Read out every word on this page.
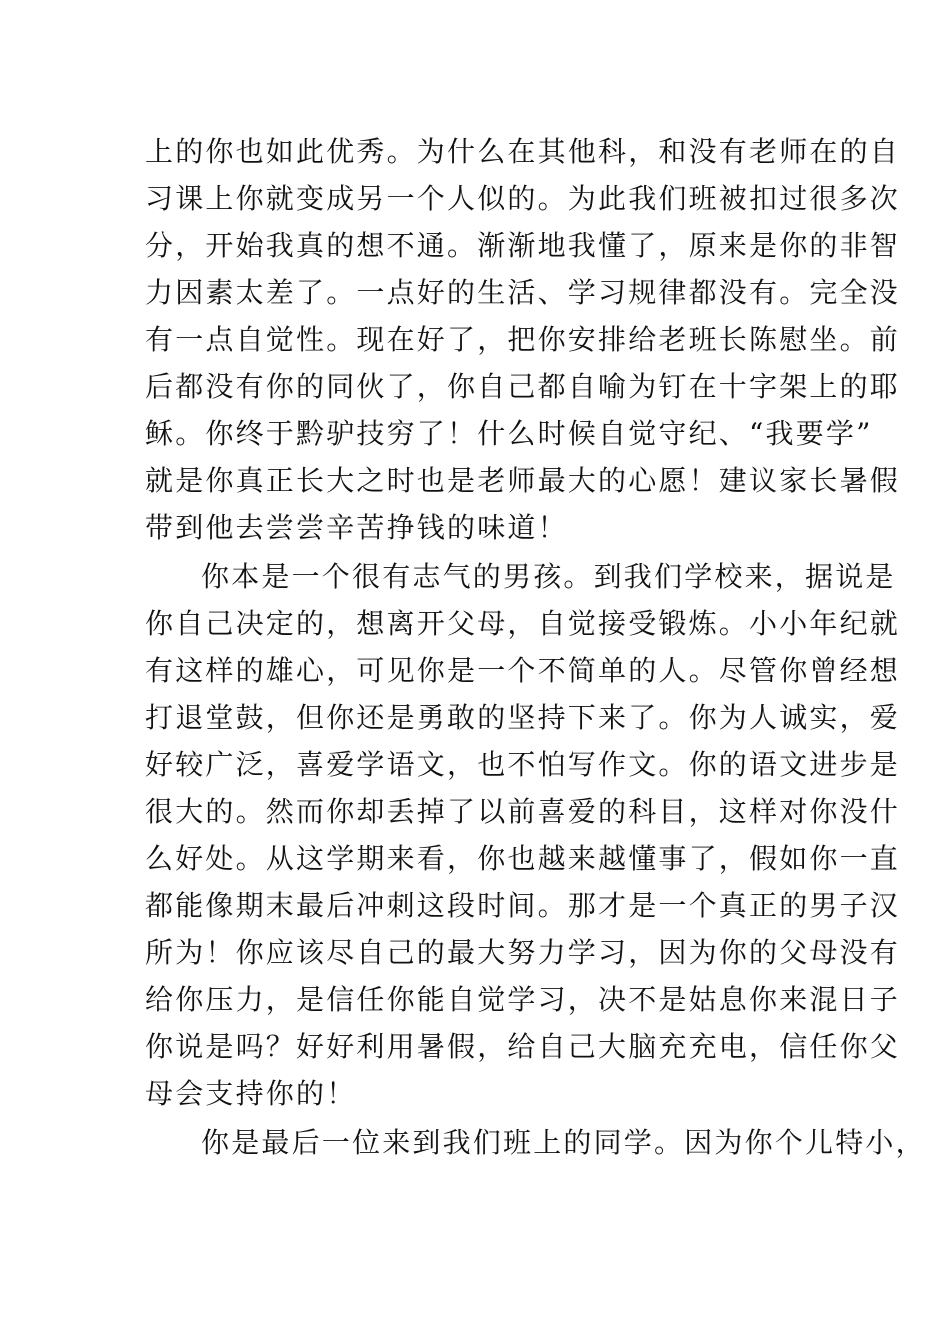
上的你也如此优秀。为什么在其他科，和没有老师在的自
习课上你就变成另一个人似的。为此我们班被扣过很多次
分，开始我真的想不通。渐渐地我懂了，原来是你的非智
力因素太差了。一点好的生活、学习规律都没有。完全没
有一点自觉性。现在好了，把你安排给老班长陈慰坐。前
后都没有你的同伙了，你自己都自喻为钉在十字架上的耶
稣。你终于黔驴技穷了！什么时候自觉守纪、“我要学”
就是你真正长大之时也是老师最大的心愿！建议家长暑假
带到他去尝尝辛苦挣钱的味道！
你本是一个很有志气的男孩。到我们学校来，据说是
你自己决定的，想离开父母，自觉接受锻炼。小小年纪就
有这样的雄心，可见你是一个不简单的人。尽管你曾经想
打退堂鼓，但你还是勇敢的坚持下来了。你为人诚实，爱
好较广泛，喜爱学语文，也不怕写作文。你的语文进步是
很大的。然而你却丢掉了以前喜爱的科目，这样对你没什
么好处。从这学期来看，你也越来越懂事了，假如你一直
都能像期末最后冲刺这段时间。那才是一个真正的男子汉
所为！你应该尽自己的最大努力学习，因为你的父母没有
给你压力，是信任你能自觉学习，决不是姑息你来混日子
你说是吗？好好利用暑假，给自己大脑充充电，信任你父
母会支持你的！
你是最后一位来到我们班上的同学。因为你个儿特小，
